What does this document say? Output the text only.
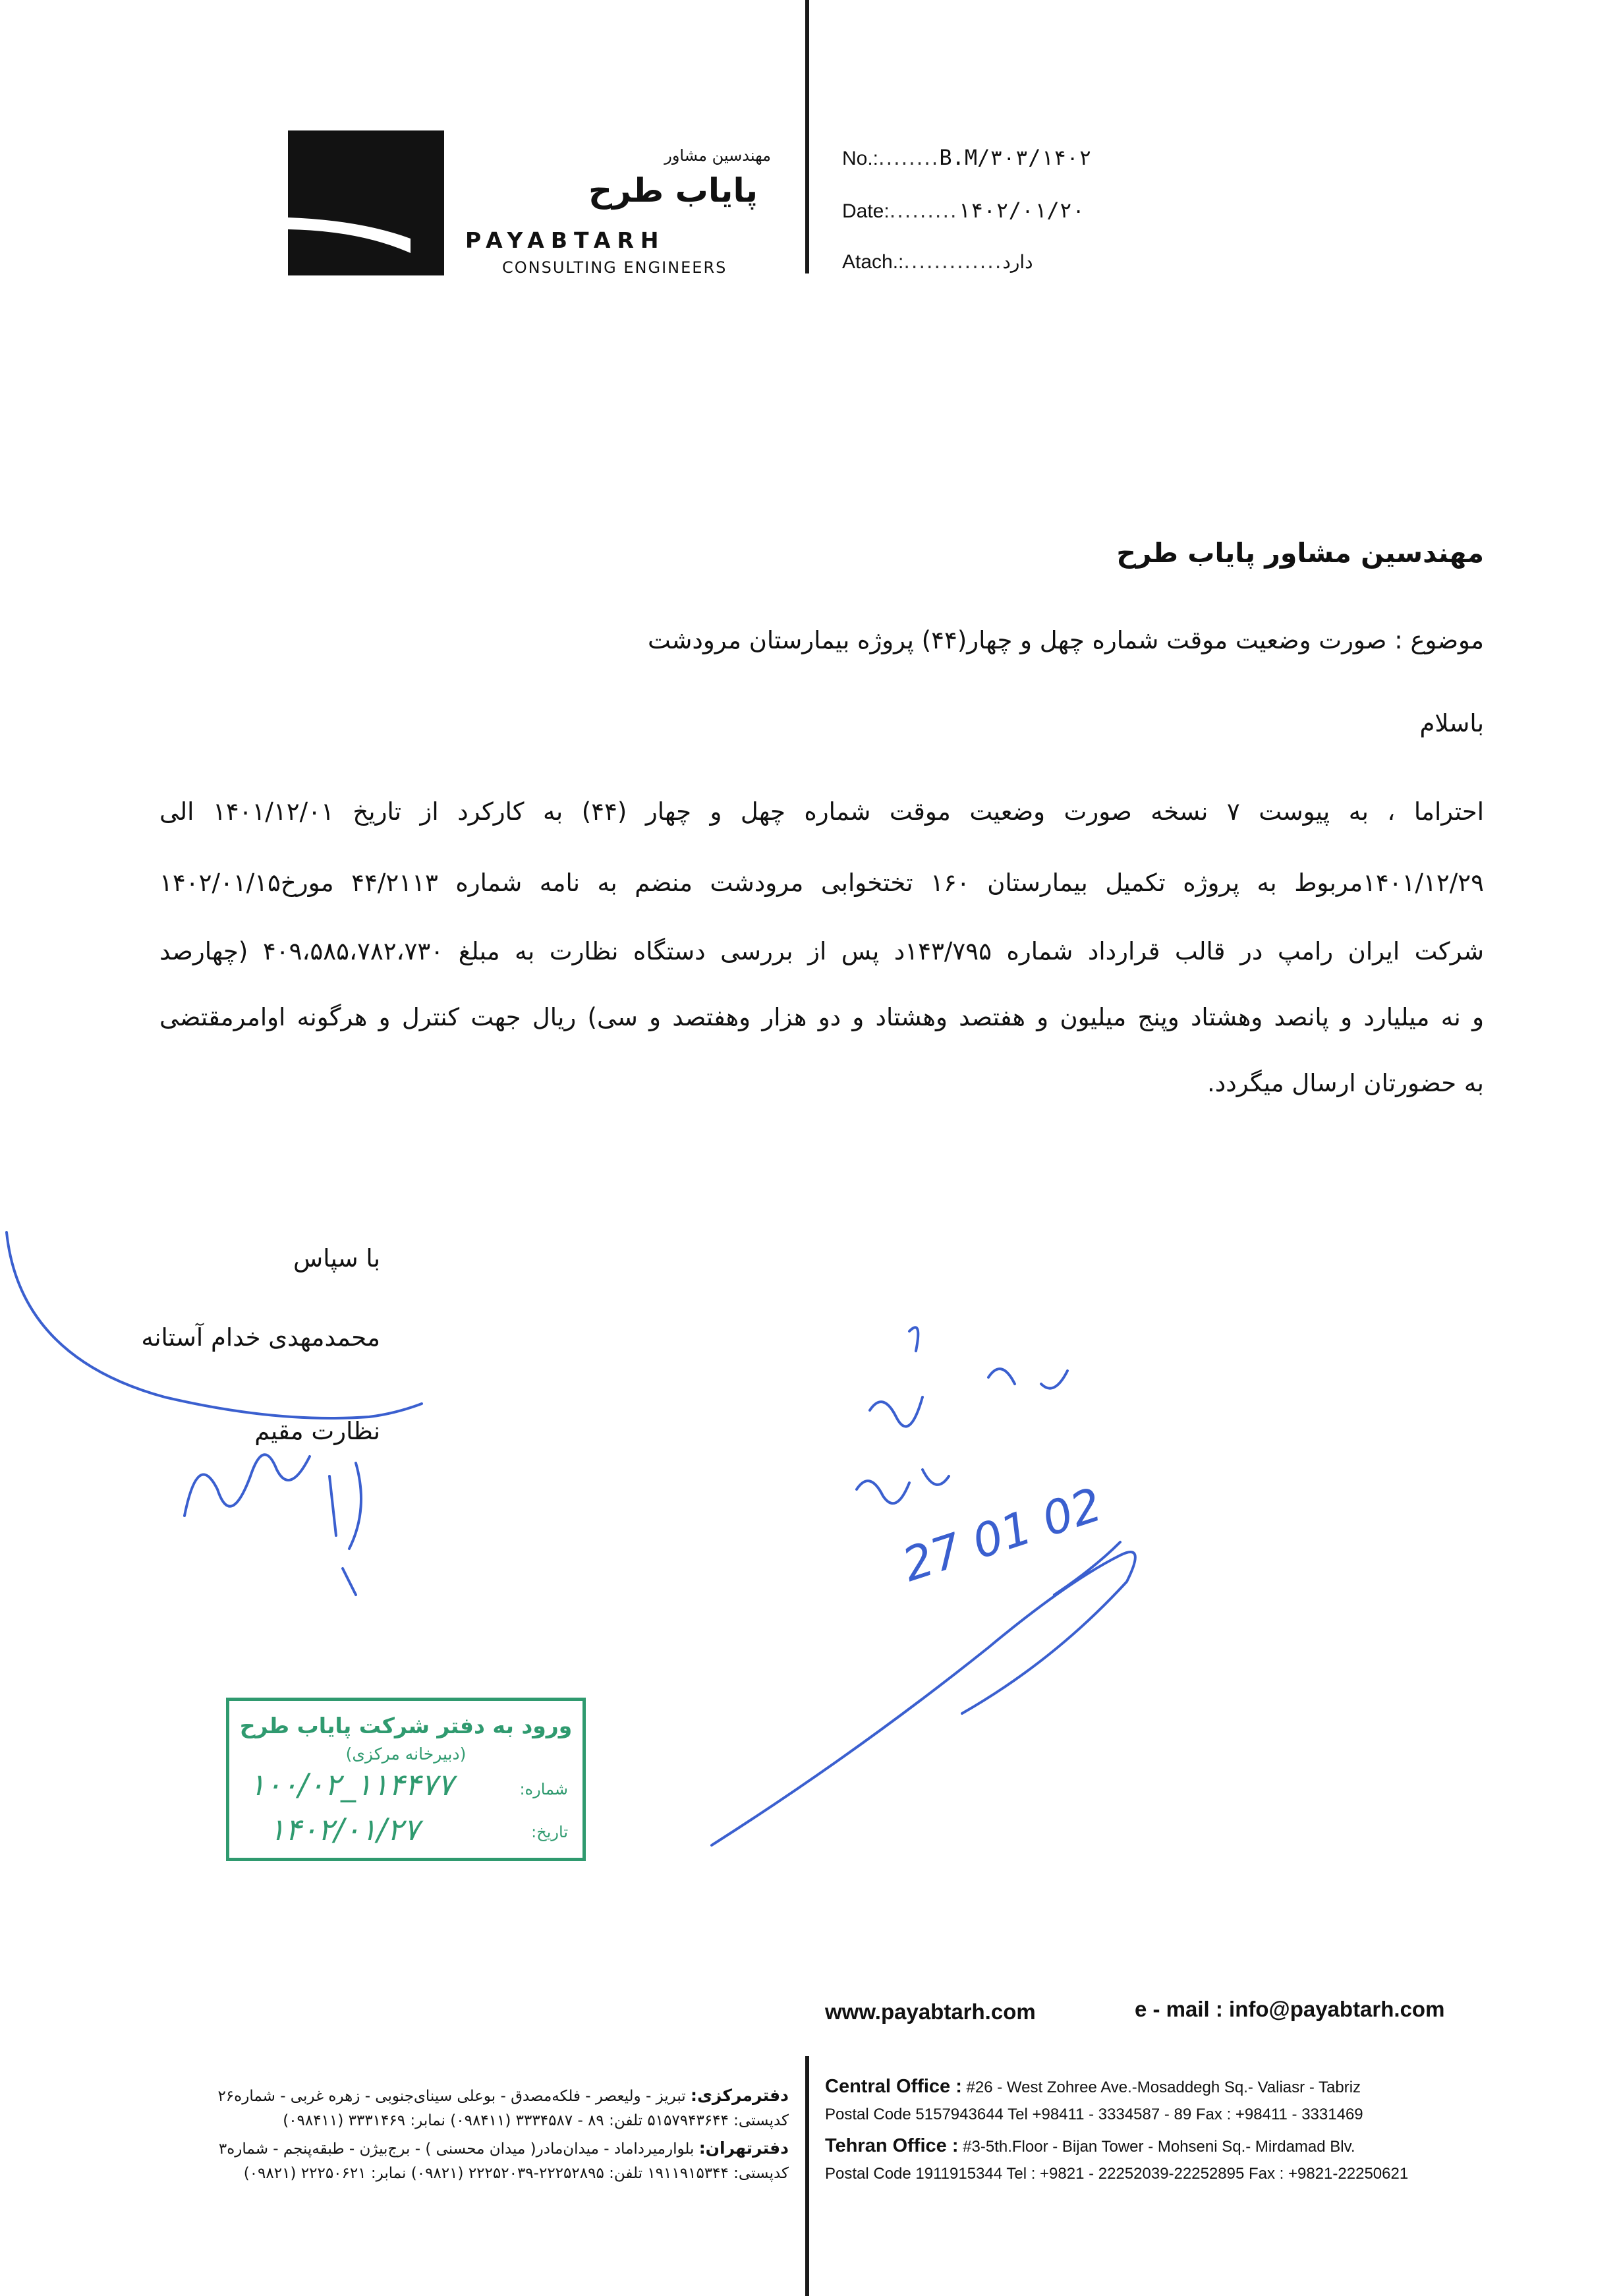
مهندسین مشاور
پایاب طرح
PAYABTARH
CONSULTING ENGINEERS
No.:........B.M/۳۰۳/۱۴۰۲
Date:.........۱۴۰۲/۰۱/۲۰
Atach.:.............دارد
مهندسین مشاور پایاب طرح
موضوع : صورت وضعیت موقت شماره چهل و چهار(۴۴) پروژه بیمارستان مرودشت
باسلام
احتراما ، به پیوست ۷ نسخه صورت وضعیت موقت شماره چهل و چهار (۴۴) به کارکرد از تاریخ ۱۴۰۱/۱۲/۰۱ الی
۱۴۰۱/۱۲/۲۹مربوط به پروژه تکمیل بیمارستان ۱۶۰ تختخوابی مرودشت منضم به نامه شماره ۴۴/۲۱۱۳ مورخ۱۴۰۲/۰۱/۱۵
شرکت ایران رامپ در قالب قرارداد شماره ۱۴۳/۷۹۵د پس از بررسی دستگاه نظارت به مبلغ ۴۰۹،۵۸۵،۷۸۲،۷۳۰ (چهارصد
و نه میلیارد و پانصد وهشتاد وپنج میلیون و هفتصد وهشتاد و دو هزار وهفتصد و سی) ریال جهت کنترل و هرگونه اوامرمقتضی
به حضورتان ارسال میگردد.
با سپاس
محمدمهدی خدام آستانه
نظارت مقیم
ورود به دفتر شرکت پایاب طرح
(دبیرخانه مرکزی)
شماره:
۱۰۰/۰۲_۱۱۴۴۷۷
تاریخ:
۱۴۰۲/۰۱/۲۷
27 01 02
www.payabtarh.com	e - mail : info@payabtarh.com
Central Office : #26 - West Zohree Ave.-Mosaddegh Sq.- Valiasr - Tabriz
Postal Code 5157943644 Tel +98411 - 3334587 - 89 Fax : +98411 - 3331469
Tehran Office : #3-5th.Floor - Bijan Tower - Mohseni Sq.- Mirdamad Blv.
Postal Code 1911915344 Tel : +9821 - 22252039-22252895 Fax : +9821-22250621
دفترمرکزی: تبریز - ولیعصر - فلکه‌مصدق - بوعلی سینای‌جنوبی - زهره غربی - شماره۲۶
کدپستی: ۵۱۵۷۹۴۳۶۴۴ تلفن: ۸۹ - ۳۳۳۴۵۸۷ (۰۹۸۴۱۱) نمابر: ۳۳۳۱۴۶۹ (۰۹۸۴۱۱)
دفترتهران: بلوارمیرداماد - میدان‌مادر( میدان محسنی ) - برج‌بیژن - طبقه‌پنجم - شماره۳
کدپستی: ۱۹۱۱۹۱۵۳۴۴ تلفن: ۲۲۲۵۲۸۹۵-۲۲۲۵۲۰۳۹ (۰۹۸۲۱) نمابر: ۲۲۲۵۰۶۲۱ (۰۹۸۲۱)
